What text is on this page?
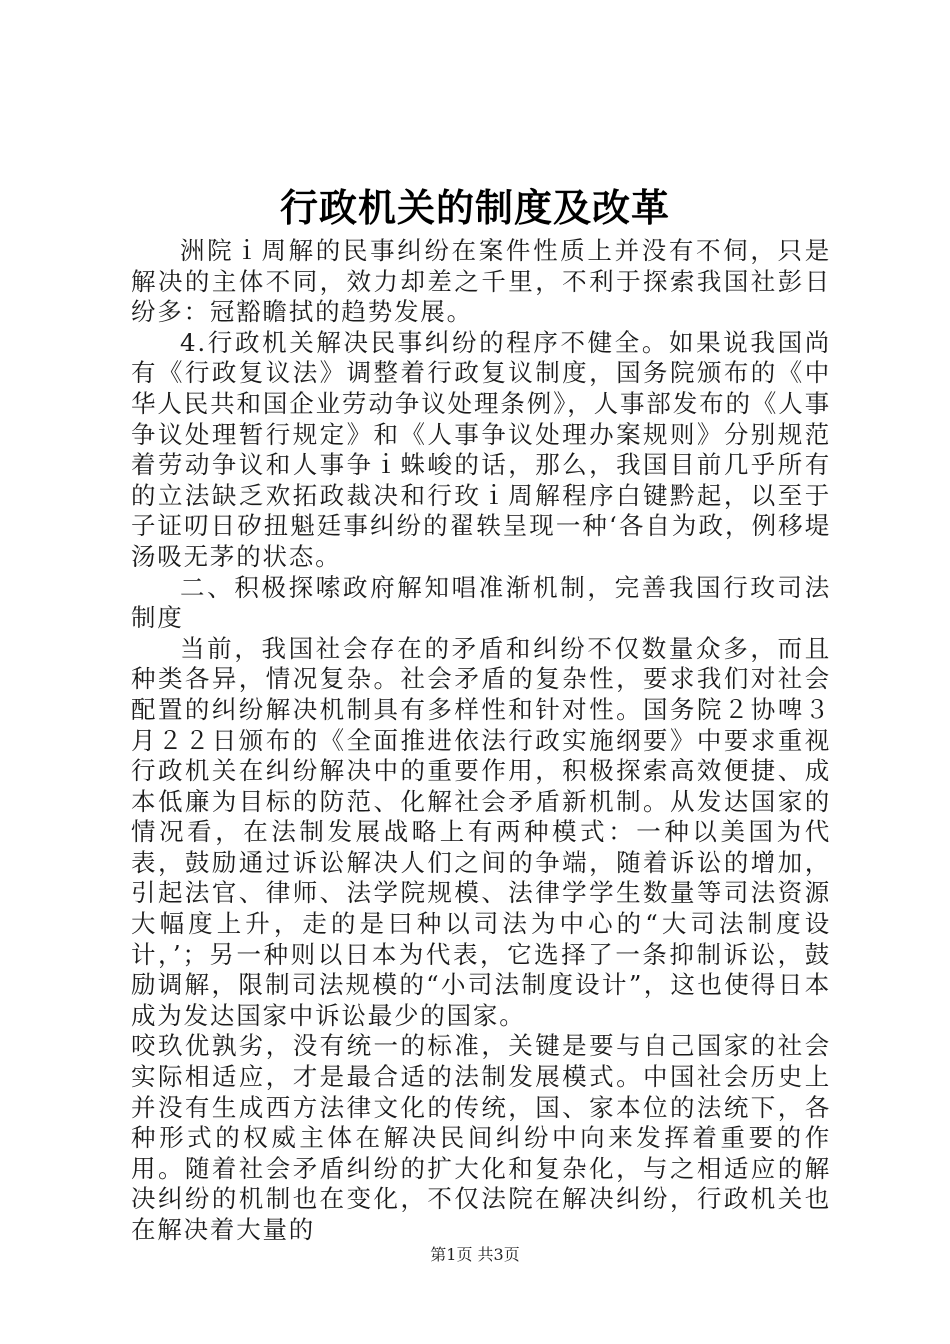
行政机关的制度及改革

洲院ｉ周解的民事纠纷在案件性质上并没有不伺，只是解决的主体不同，效力却差之千里，不利于探索我国社彭日纷多：冠豁瞻拭的趋势发展。

4.行政机关解决民事纠纷的程序不健全。如果说我国尚有《行政复议法》调整着行政复议制度，国务院颁布的《中华人民共和国企业劳动争议处理条例》，人事部发布的《人事争议处理暂行规定》和《人事争议处理办案规则》分别规范着劳动争议和人事争ｉ蛛峻的话，那么，我国目前几乎所有的立法缺乏欢拓政裁决和行玫ｉ周解程序白键黔起，以至于子证叨日矽扭魁廷事纠纷的翟轶呈现一种‘各自为政，例移堤汤吸无茅的状态。

二、积极探嗦政府解知唱准渐机制，完善我国行玫司法制度

当前，我国社会存在的矛盾和纠纷不仅数量众多，而且种类各异，情况复杂。社会矛盾的复杂性，要求我们对社会配置的纠纷解决机制具有多样性和针对性。国务院２协啤３月２２日颁布的《全面推进依法行政实施纲要》中要求重视行政机关在纠纷解决中的重要作用，积极探索高效便捷、成本低廉为目标的防范、化解社会矛盾新机制。从发达国家的情况看，在法制发展战略上有两种模式：一种以美国为代表，鼓励通过诉讼解决人们之间的争端，随着诉讼的增加，引起法官、律师、法学院规模、法律学学生数量等司法资源大幅度上升，走的是曰种以司法为中心的“大司法制度设计，’；另一种则以日本为代表，它选择了一条抑制诉讼，鼓励调解，限制司法规模的“小司法制度设计”，这也使得日本成为发达国家中诉讼最少的国家。

咬玖优孰劣，没有统一的标准，关键是要与自己国家的社会实际相适应，才是最合适的法制发展模式。中国社会历史上并没有生成西方法律文化的传统，国、家本位的法统下，各种形式的权威主体在解决民间纠纷中向来发挥着重要的作用。随着社会矛盾纠纷的扩大化和复杂化，与之相适应的解决纠纷的机制也在变化，不仅法院在解决纠纷，行政机关也在解决着大量的

第1页 共3页
